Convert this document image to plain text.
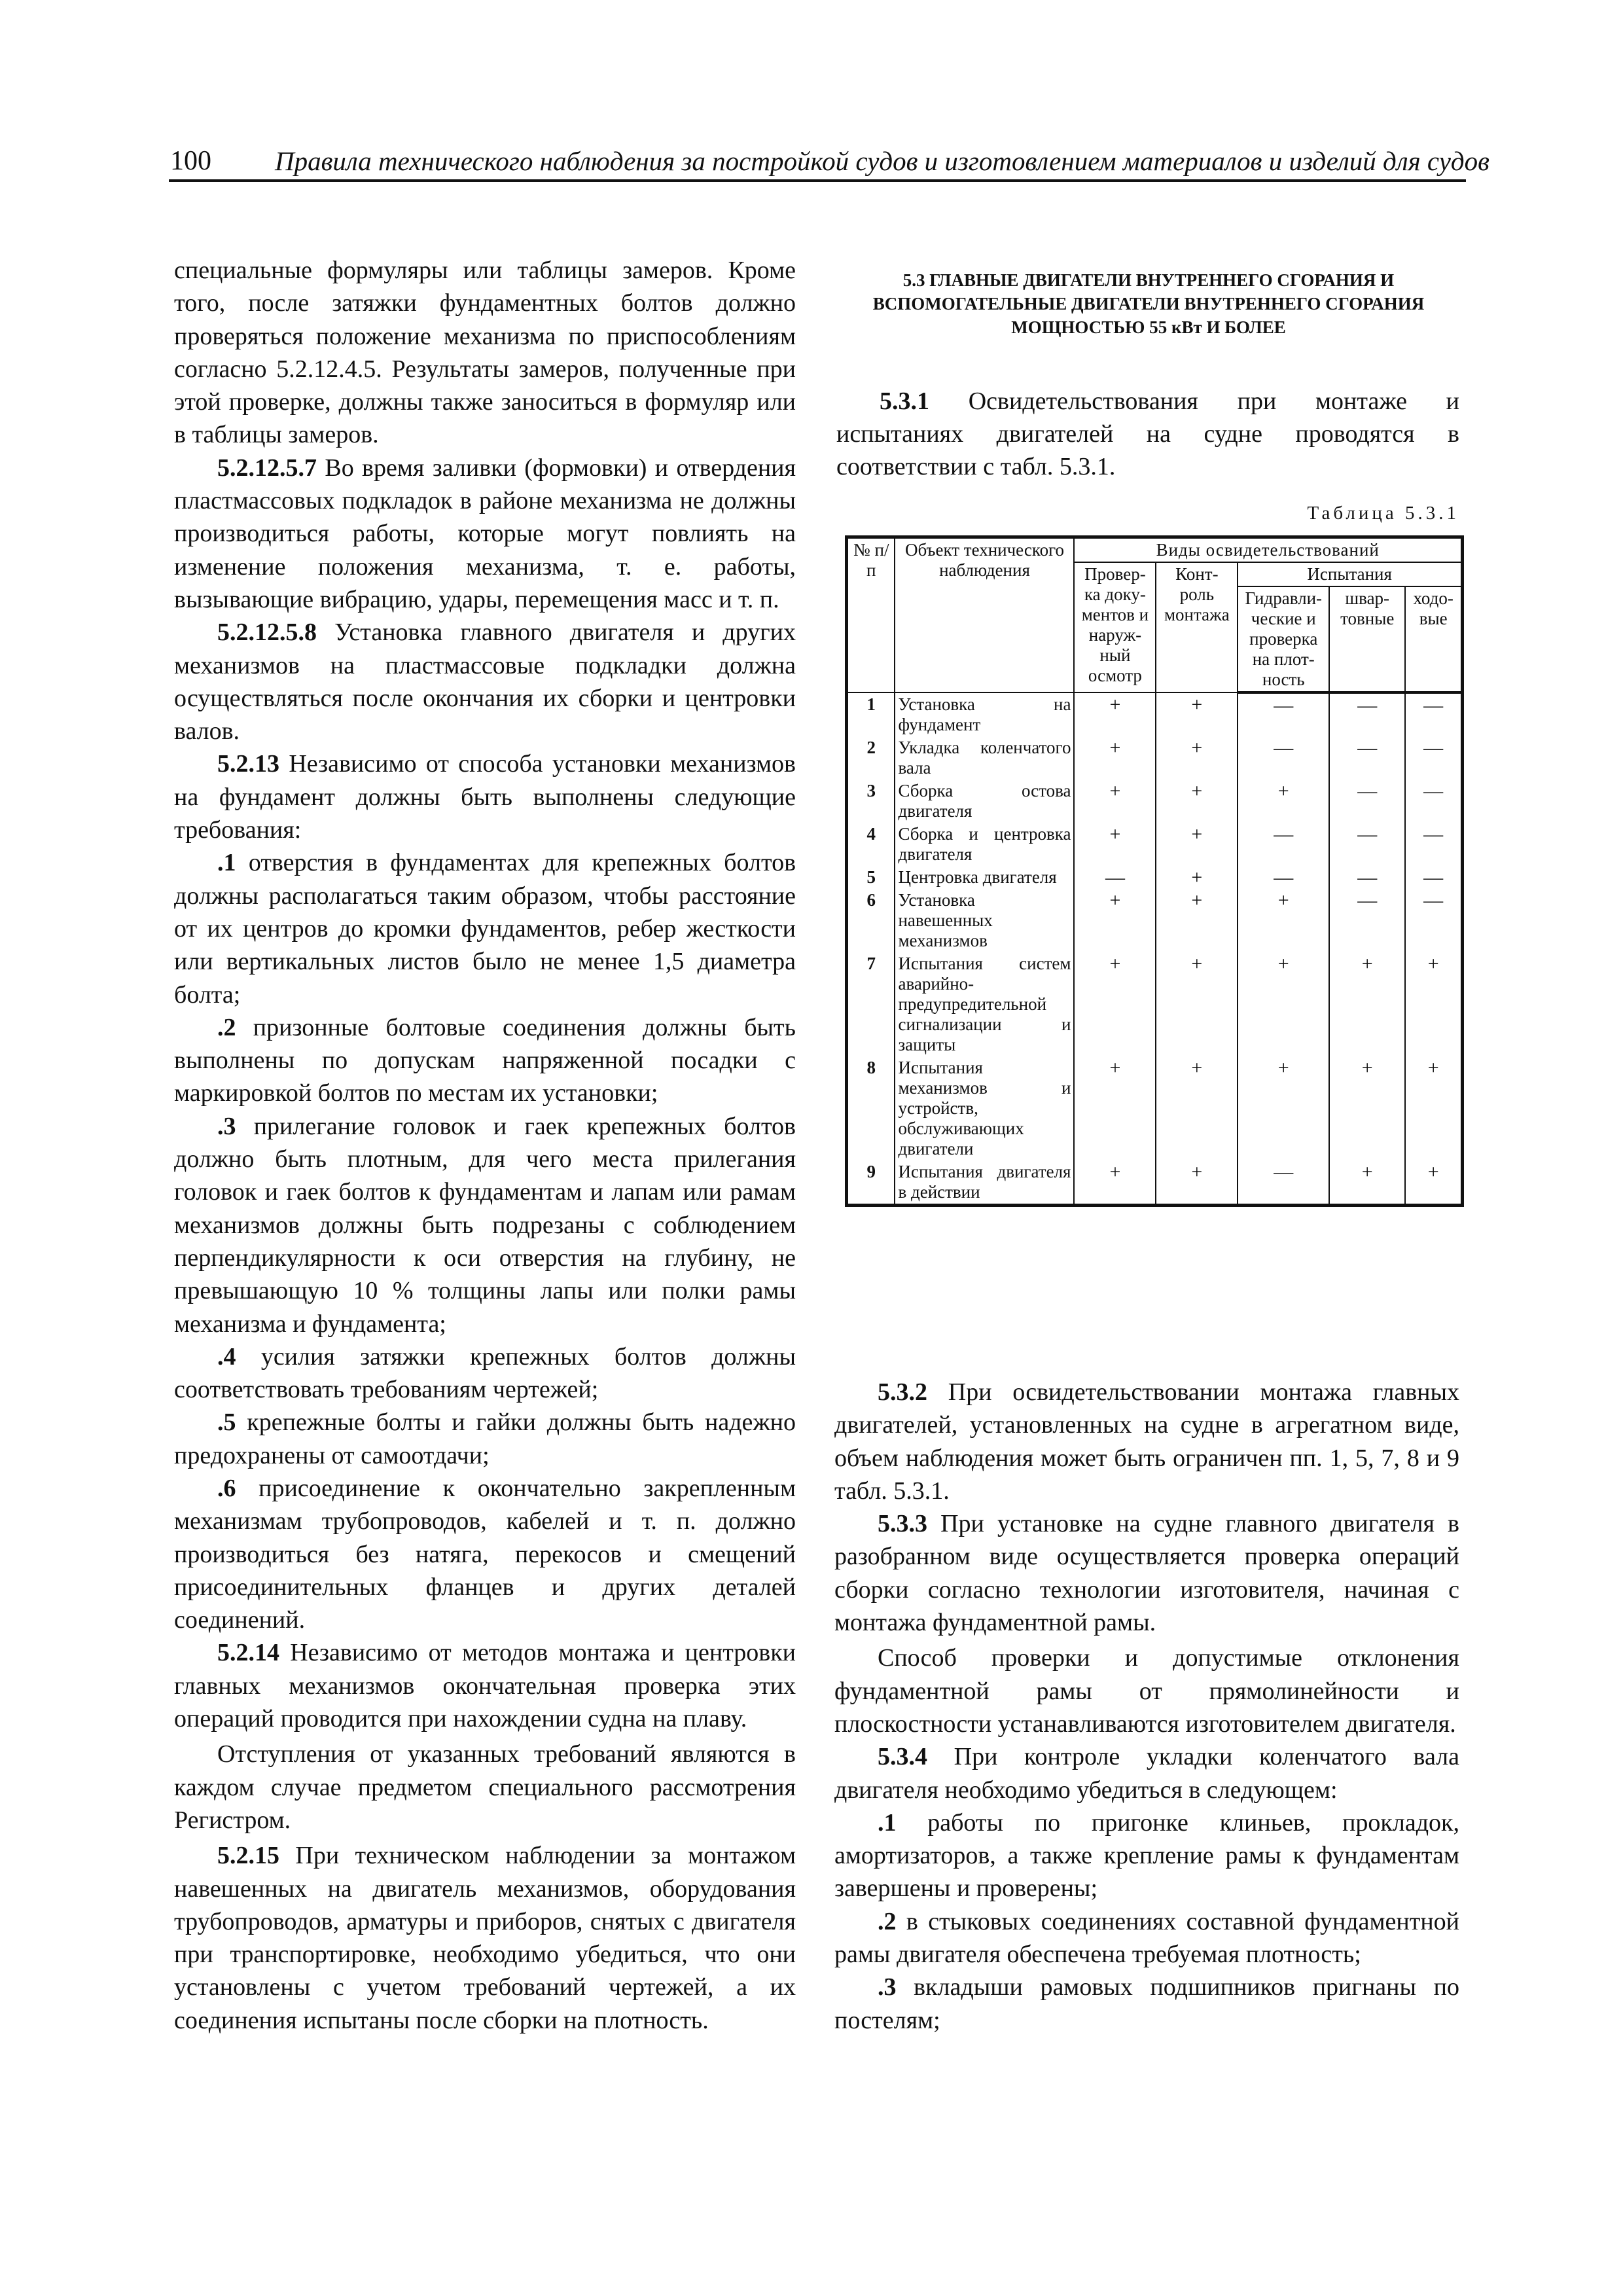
100 Правила технического наблюдения за постройкой судов и изготовлением материалов и изделий для судов

специальные формуляры или таблицы замеров. Кроме того, после затяжки фундаментных болтов должно проверяться положение механизма по приспособлениям согласно 5.2.12.4.5. Результаты замеров, полученные при этой проверке, должны также заноситься в формуляр или в таблицы замеров.

5.2.12.5.7 Во время заливки (формовки) и отвердения пластмассовых подкладок в районе механизма не должны производиться работы, которые могут повлиять на изменение положения механизма, т. е. работы, вызывающие вибрацию, удары, перемещения масс и т. п.

5.2.12.5.8 Установка главного двигателя и других механизмов на пластмассовые подкладки должна осуществляться после окончания их сборки и центровки валов.

5.2.13 Независимо от способа установки механизмов на фундамент должны быть выполнены следующие требования:

.1 отверстия в фундаментах для крепежных болтов должны располагаться таким образом, чтобы расстояние от их центров до кромки фундаментов, ребер жесткости или вертикальных листов было не менее 1,5 диаметра болта;

.2 призонные болтовые соединения должны быть выполнены по допускам напряженной посадки с маркировкой болтов по местам их установки;

.3 прилегание головок и гаек крепежных болтов должно быть плотным, для чего места прилегания головок и гаек болтов к фундаментам и лапам или рамам механизмов должны быть подрезаны с соблюдением перпендикулярности к оси отверстия на глубину, не превышающую 10 % толщины лапы или полки рамы механизма и фундамента;

.4 усилия затяжки крепежных болтов должны соответствовать требованиям чертежей;

.5 крепежные болты и гайки должны быть надежно предохранены от самоотдачи;

.6 присоединение к окончательно закрепленным механизмам трубопроводов, кабелей и т. п. должно производиться без натяга, перекосов и смещений присоединительных фланцев и других деталей соединений.

5.2.14 Независимо от методов монтажа и центровки главных механизмов окончательная проверка этих операций проводится при нахождении судна на плаву.

Отступления от указанных требований являются в каждом случае предметом специального рассмотрения Регистром.

5.2.15 При техническом наблюдении за монтажом навешенных на двигатель механизмов, оборудования трубопроводов, арматуры и приборов, снятых с двигателя при транспортировке, необходимо убедиться, что они установлены с учетом требований чертежей, а их соединения испытаны после сборки на плотность.

5.3 ГЛАВНЫЕ ДВИГАТЕЛИ ВНУТРЕННЕГО СГОРАНИЯ И ВСПОМОГАТЕЛЬНЫЕ ДВИГАТЕЛИ ВНУТРЕННЕГО СГОРАНИЯ МОЩНОСТЬЮ 55 кВт И БОЛЕЕ

5.3.1 Освидетельствования при монтаже и испытаниях двигателей на судне проводятся в соответствии с табл. 5.3.1.

Таблица 5.3.1
№ п/п	Объект технического наблюдения	Виды освидетельствований				
		Провер-ка доку-ментов и наруж-ный осмотр	Конт-роль монтажа	Испытания		
				Гидравли-ческие и проверка на плот-ность	швар-товные	ходо-вые
1	Установка на фундамент	+	+	—	—	—
2	Укладка коленчатого вала	+	+	—	—	—
3	Сборка остова двигателя	+	+	+	—	—
4	Сборка и центровка двигателя	+	+	—	—	—
5	Центровка двигателя	—	+	—	—	—
6	Установка навешенных механизмов	+	+	+	—	—
7	Испытания систем аварийно-предупредительной сигнализации и защиты	+	+	+	+	+
8	Испытания механизмов и устройств, обслуживающих двигатели	+	+	+	+	+
9	Испытания двигателя в действии	+	+	—	+	+

5.3.2 При освидетельствовании монтажа главных двигателей, установленных на судне в агрегатном виде, объем наблюдения может быть ограничен пп. 1, 5, 7, 8 и 9 табл. 5.3.1.

5.3.3 При установке на судне главного двигателя в разобранном виде осуществляется проверка операций сборки согласно технологии изготовителя, начиная с монтажа фундаментной рамы.

Способ проверки и допустимые отклонения фундаментной рамы от прямолинейности и плоскостности устанавливаются изготовителем двигателя.

5.3.4 При контроле укладки коленчатого вала двигателя необходимо убедиться в следующем:

.1 работы по пригонке клиньев, прокладок, амортизаторов, а также крепление рамы к фундаментам завершены и проверены;

.2 в стыковых соединениях составной фундаментной рамы двигателя обеспечена требуемая плотность;

.3 вкладыши рамовых подшипников пригнаны по постелям;
